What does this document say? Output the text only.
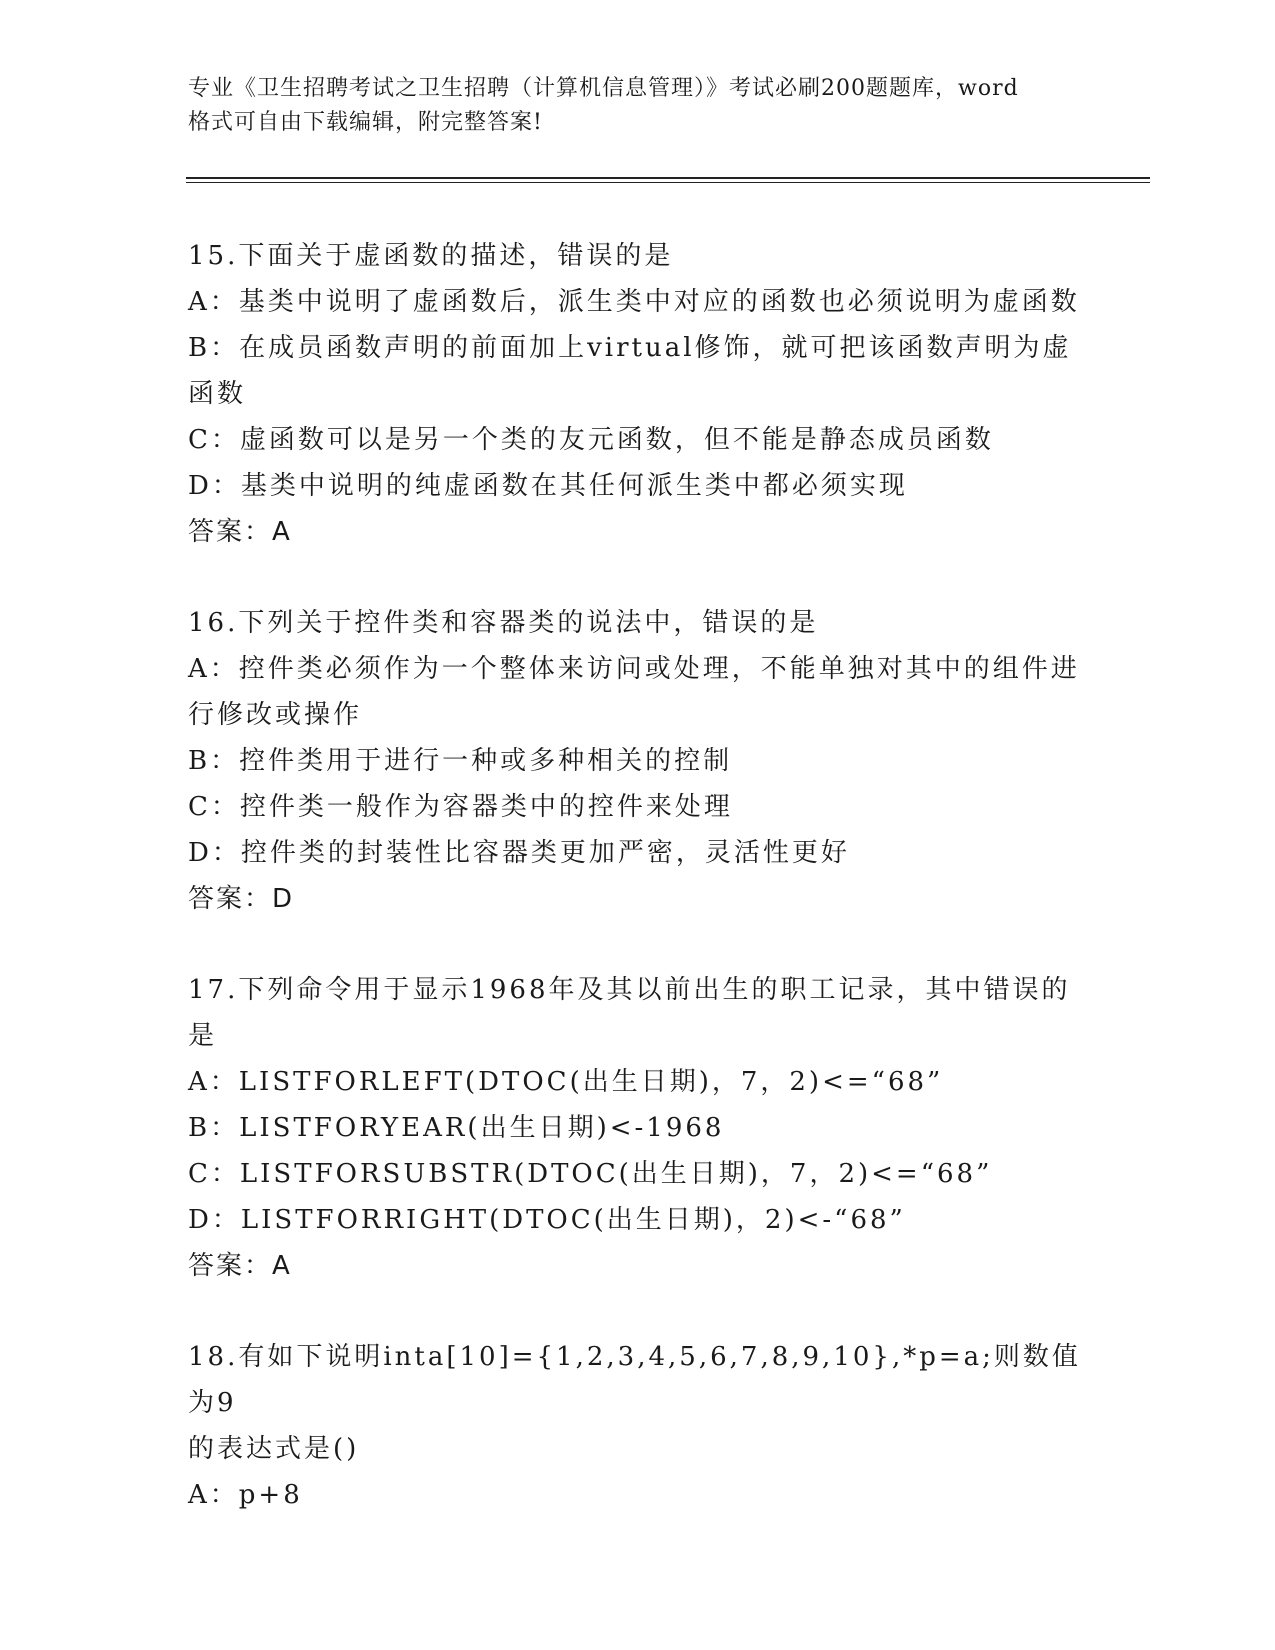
专业《卫生招聘考试之卫生招聘（计算机信息管理）》考试必刷200题题库，word
格式可自由下载编辑，附完整答案!
15.下面关于虚函数的描述，错误的是
A：基类中说明了虚函数后，派生类中对应的函数也必须说明为虚函数
B：在成员函数声明的前面加上virtual修饰，就可把该函数声明为虚
函数
C：虚函数可以是另一个类的友元函数，但不能是静态成员函数
D：基类中说明的纯虚函数在其任何派生类中都必须实现
答案：A
16.下列关于控件类和容器类的说法中，错误的是
A：控件类必须作为一个整体来访问或处理，不能单独对其中的组件进
行修改或操作
B：控件类用于进行一种或多种相关的控制
C：控件类一般作为容器类中的控件来处理
D：控件类的封装性比容器类更加严密，灵活性更好
答案：D
17.下列命令用于显示1968年及其以前出生的职工记录，其中错误的
是
A：LISTFORLEFT(DTOC(出生日期)，7，2)<=“68”
B：LISTFORYEAR(出生日期)<-1968
C：LISTFORSUBSTR(DTOC(出生日期)，7，2)<=“68”
D：LISTFORRIGHT(DTOC(出生日期)，2)<-“68”
答案：A
18.有如下说明inta[10]={1,2,3,4,5,6,7,8,9,10},*p=a;则数值为9
的表达式是()
A：p+8
